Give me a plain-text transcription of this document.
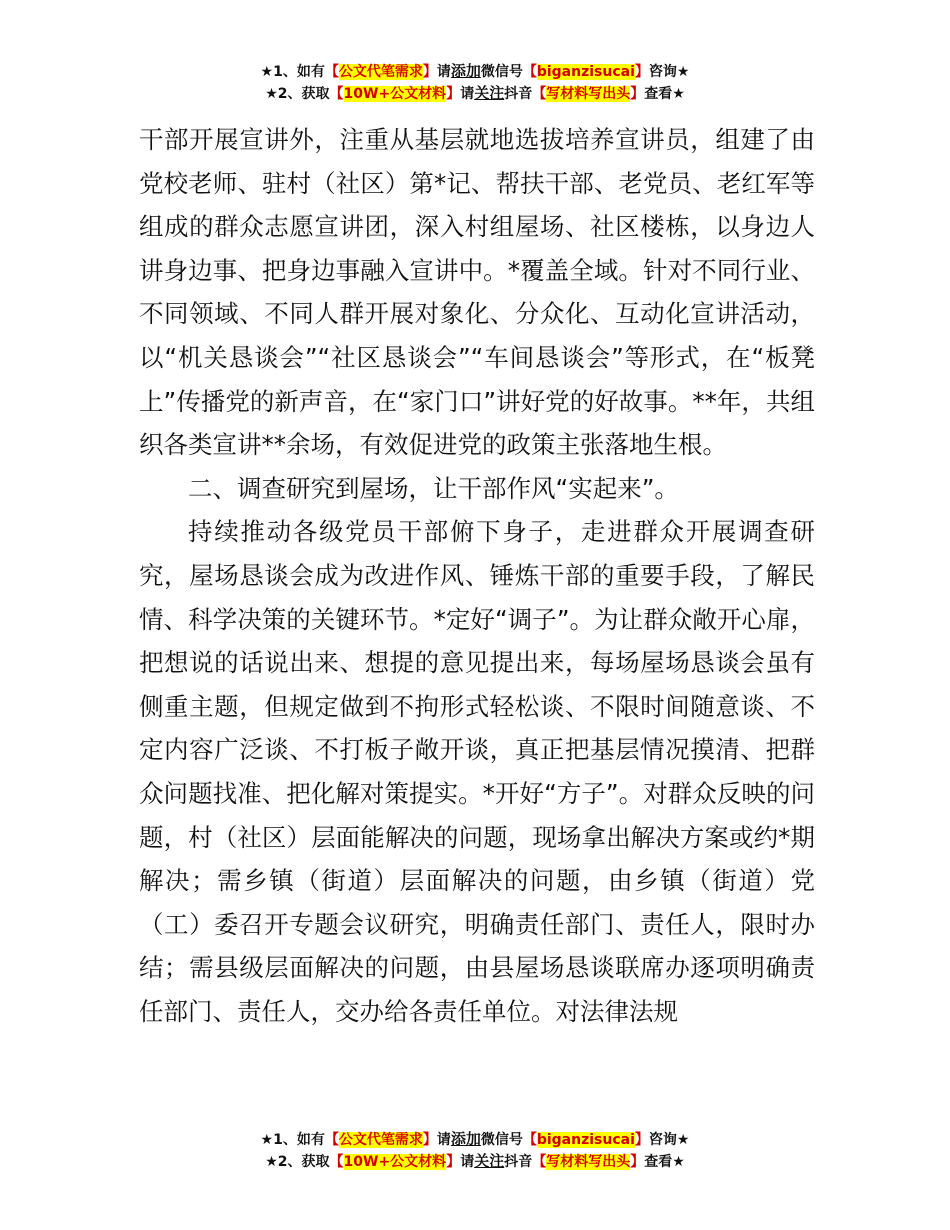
★1、如有【公文代笔需求】请添加微信号【biganzisucai】咨询★
★2、获取【10W+公文材料】请关注抖音【写材料写出头】查看★

干部开展宣讲外，注重从基层就地选拔培养宣讲员，组建了由党校老师、驻村（社区）第*记、帮扶干部、老党员、老红军等组成的群众志愿宣讲团，深入村组屋场、社区楼栋，以身边人讲身边事、把身边事融入宣讲中。*覆盖全域。针对不同行业、不同领域、不同人群开展对象化、分众化、互动化宣讲活动，以“机关恳谈会”“社区恳谈会”“车间恳谈会”等形式，在“板凳上”传播党的新声音，在“家门口”讲好党的好故事。**年，共组织各类宣讲**余场，有效促进党的政策主张落地生根。

二、调查研究到屋场，让干部作风“实起来”。

持续推动各级党员干部俯下身子，走进群众开展调查研究，屋场恳谈会成为改进作风、锤炼干部的重要手段，了解民情、科学决策的关键环节。*定好“调子”。为让群众敞开心扉，把想说的话说出来、想提的意见提出来，每场屋场恳谈会虽有侧重主题，但规定做到不拘形式轻松谈、不限时间随意谈、不定内容广泛谈、不打板子敞开谈，真正把基层情况摸清、把群众问题找准、把化解对策提实。*开好“方子”。对群众反映的问题，村（社区）层面能解决的问题，现场拿出解决方案或约*期解决；需乡镇（街道）层面解决的问题，由乡镇（街道）党（工）委召开专题会议研究，明确责任部门、责任人，限时办结；需县级层面解决的问题，由县屋场恳谈联席办逐项明确责任部门、责任人，交办给各责任单位。对法律法规

★1、如有【公文代笔需求】请添加微信号【biganzisucai】咨询★
★2、获取【10W+公文材料】请关注抖音【写材料写出头】查看★
